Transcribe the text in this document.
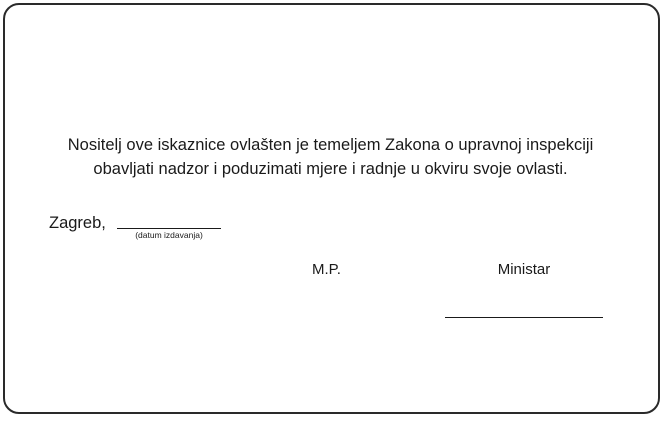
Nositelj ove iskaznice ovlašten je temeljem Zakona o upravnoj inspekciji
obavljati nadzor i poduzimati mjere i radnje u okviru svoje ovlasti.
Zagreb,
(datum izdavanja)
M.P.	Ministar
